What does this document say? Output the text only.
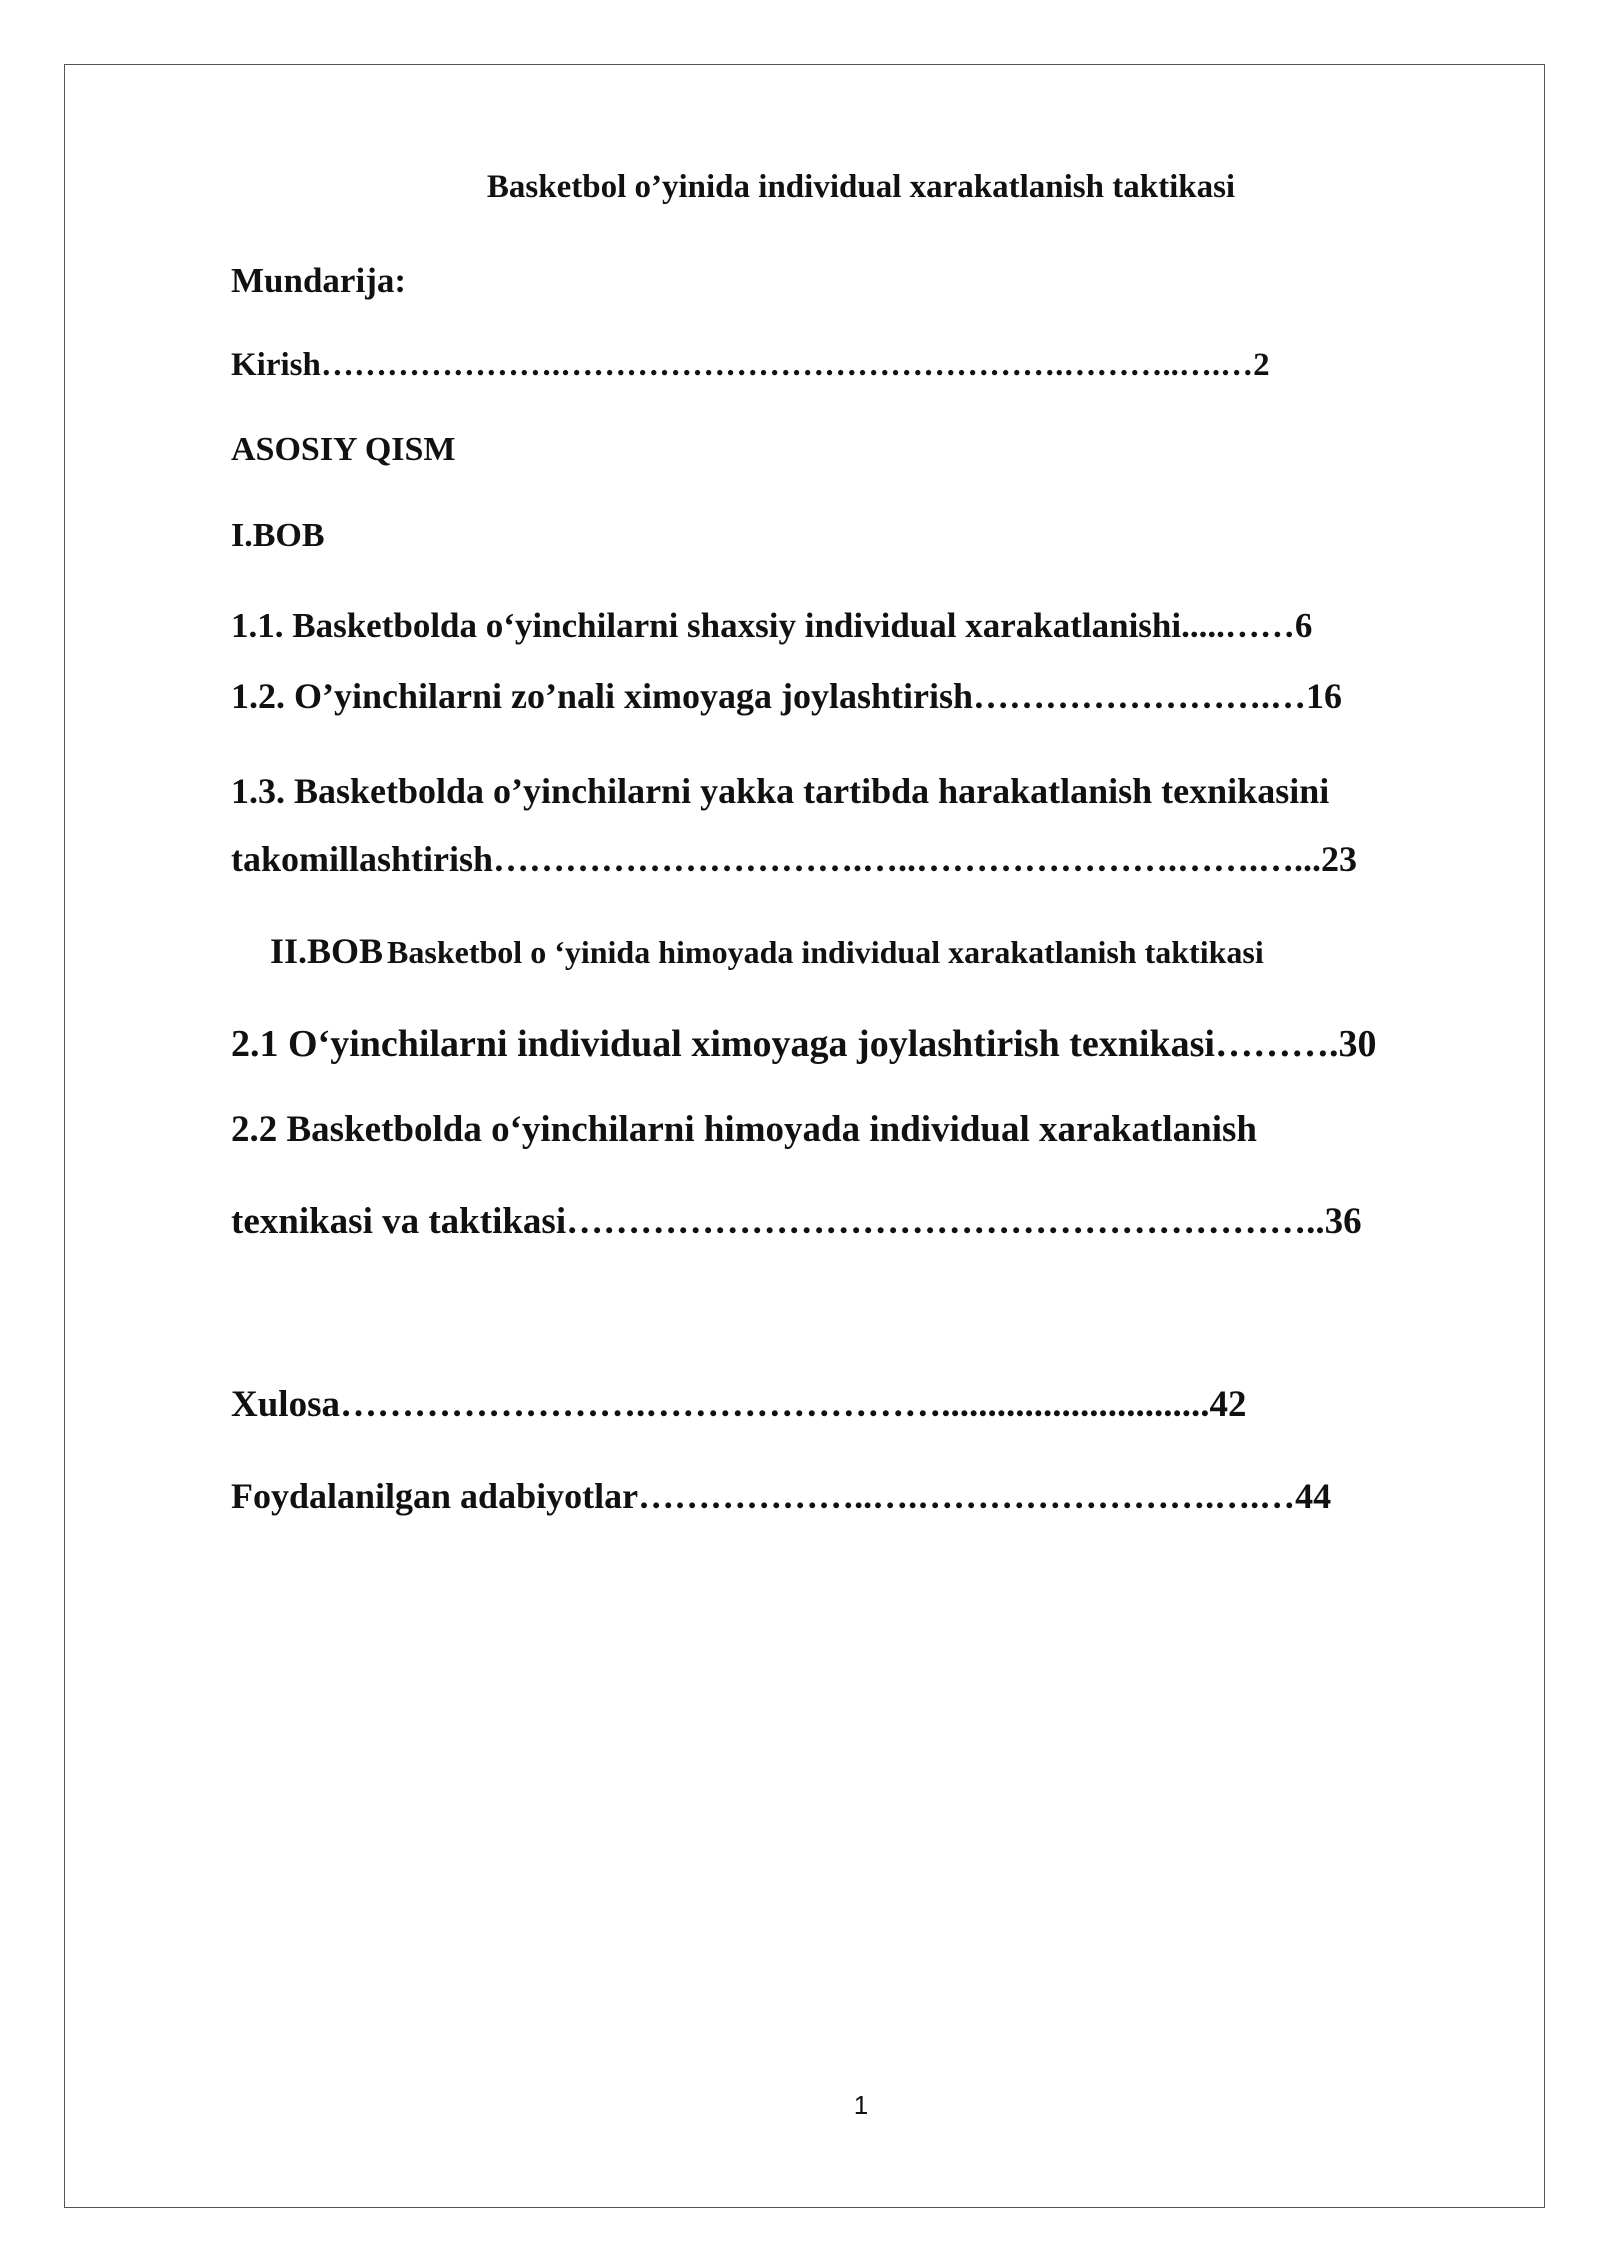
Basketbol o’yinida individual xarakatlanish taktikasi
Mundarija:
Kirish ………………….……………………………………….………..….… 2
ASOSIY QISM
I.BOB
1.1. Basketbolda o‘yinchilarni shaxsiy individual xarakatlanishi .....…… 6
1.2. O’yinchilarni zo’nali ximoyaga joylashtirish …………………….… 16
1.3. Basketbolda o’yinchilarni yakka tartibda harakatlanish texnikasini
takomillashtirish ………………………….…..………………….…….…. ..23
II.BOB Basketbol o ‘yinida himoyada individual xarakatlanish taktikasi
2.1 O‘yinchilarni individual ximoyaga joylashtirish texnikasi ………. 30
2.2 Basketbolda o‘yinchilarni himoyada individual xarakatlanish
texnikasi va taktikasi …………………………………………………….. 36
Xulosa …………………….……………………............................. 42
Foydalanilgan adabiyotlar ………………..….…………………….….… 44
1
